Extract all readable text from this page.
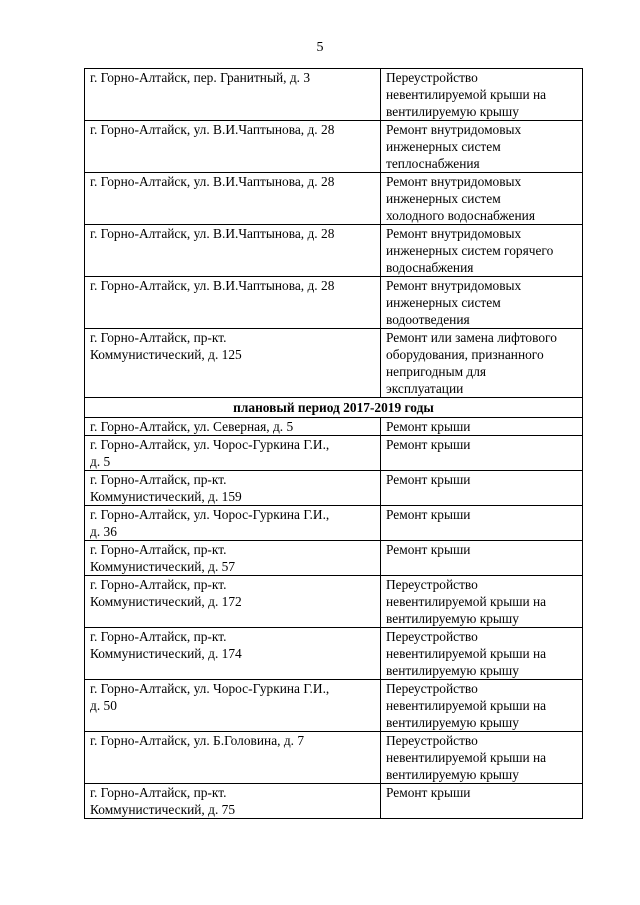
5
г. Горно-Алтайск, пер. Гранитный, д. 3	Переустройство
невентилируемой крыши на
вентилируемую крышу
г. Горно-Алтайск, ул. В.И.Чаптынова, д. 28	Ремонт внутридомовых
инженерных систем
теплоснабжения
г. Горно-Алтайск, ул. В.И.Чаптынова, д. 28	Ремонт внутридомовых
инженерных систем
холодного водоснабжения
г. Горно-Алтайск, ул. В.И.Чаптынова, д. 28	Ремонт внутридомовых
инженерных систем горячего
водоснабжения
г. Горно-Алтайск, ул. В.И.Чаптынова, д. 28	Ремонт внутридомовых
инженерных систем
водоотведения
г. Горно-Алтайск, пр-кт.
Коммунистический, д. 125	Ремонт или замена лифтового
оборудования, признанного
непригодным для
эксплуатации
плановый период 2017-2019 годы	
г. Горно-Алтайск, ул. Северная, д. 5	Ремонт крыши
г. Горно-Алтайск, ул. Чорос-Гуркина Г.И.,
д. 5	Ремонт крыши
г. Горно-Алтайск, пр-кт.
Коммунистический, д. 159	Ремонт крыши
г. Горно-Алтайск, ул. Чорос-Гуркина Г.И.,
д. 36	Ремонт крыши
г. Горно-Алтайск, пр-кт.
Коммунистический, д. 57	Ремонт крыши
г. Горно-Алтайск, пр-кт.
Коммунистический, д. 172	Переустройство
невентилируемой крыши на
вентилируемую крышу
г. Горно-Алтайск, пр-кт.
Коммунистический, д. 174	Переустройство
невентилируемой крыши на
вентилируемую крышу
г. Горно-Алтайск, ул. Чорос-Гуркина Г.И.,
д. 50	Переустройство
невентилируемой крыши на
вентилируемую крышу
г. Горно-Алтайск, ул. Б.Головина, д. 7	Переустройство
невентилируемой крыши на
вентилируемую крышу
г. Горно-Алтайск, пр-кт.
Коммунистический, д. 75	Ремонт крыши
